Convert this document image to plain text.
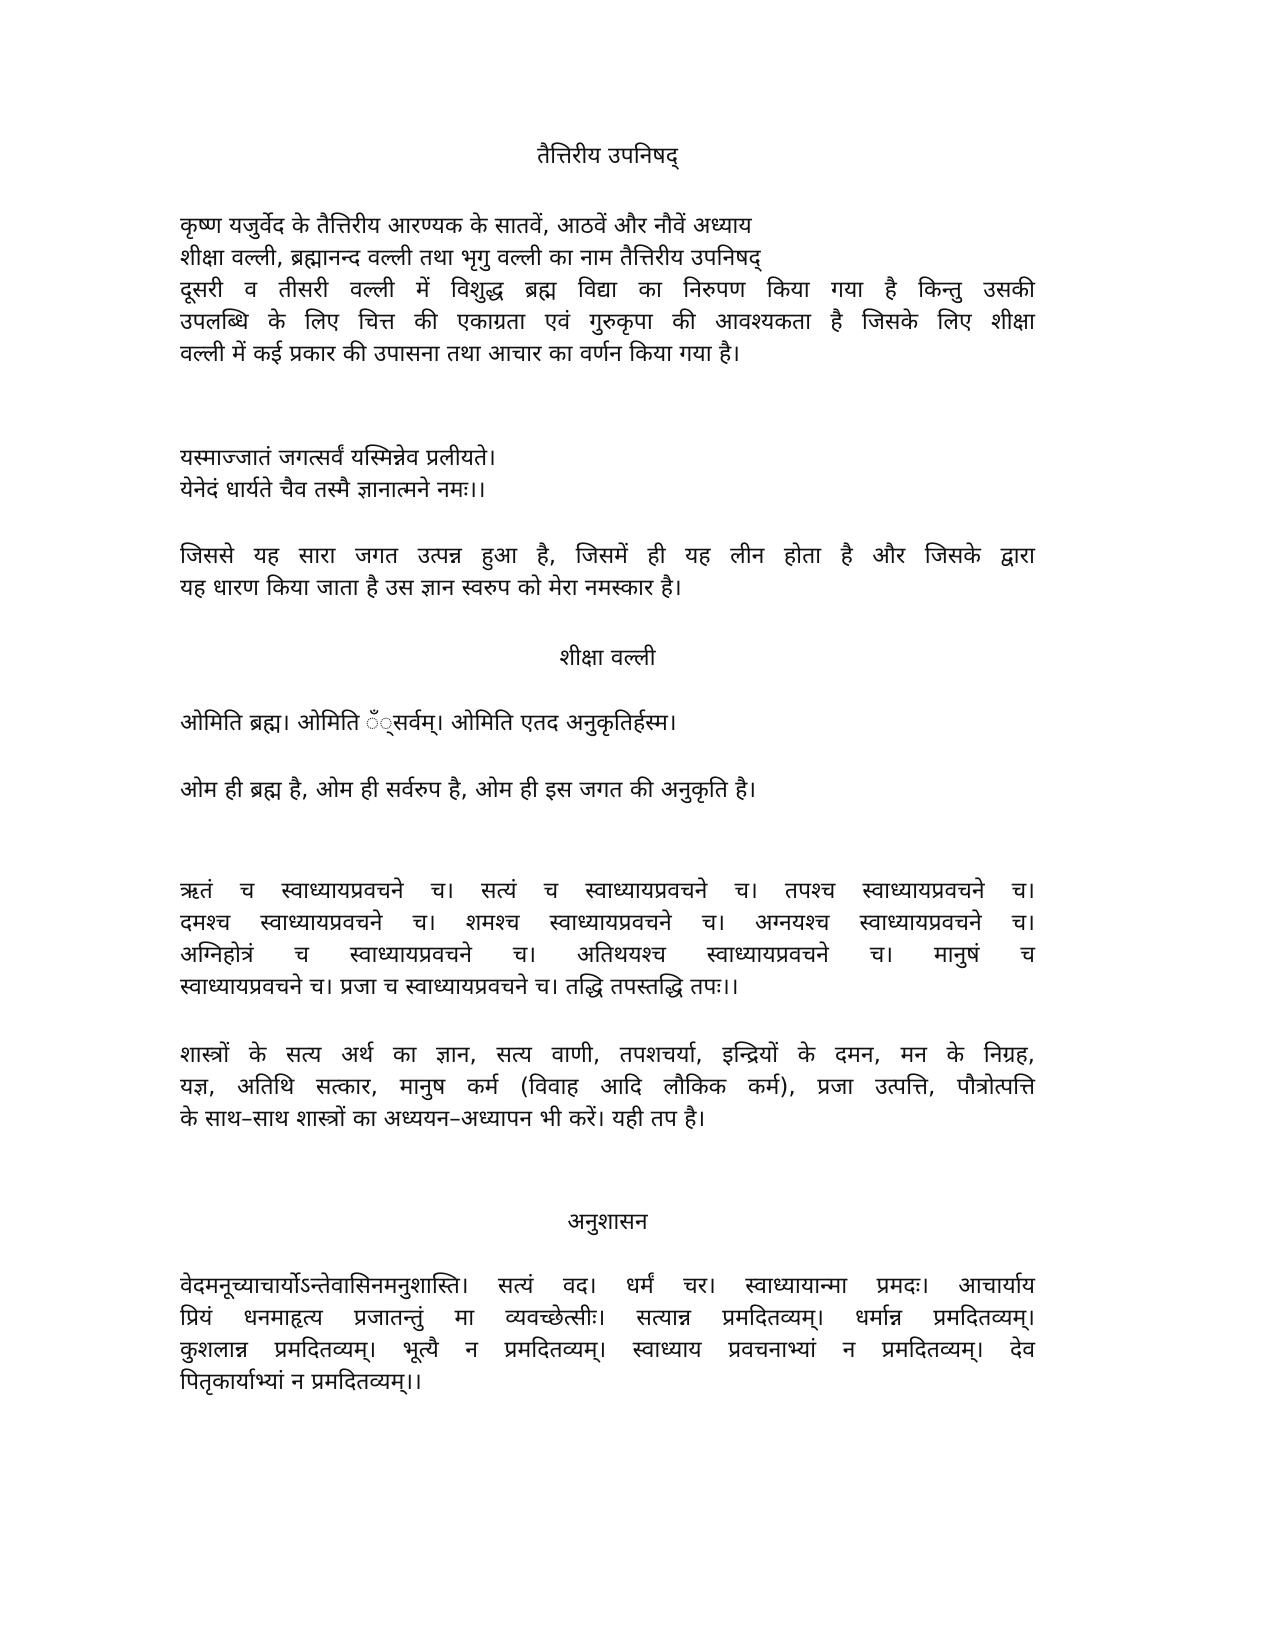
तैत्तिरीय उपनिषद्

कृष्ण यजुर्वेद के तैत्तिरीय आरण्यक के सातवें, आठवें और नौवें अध्याय
शीक्षा वल्ली, ब्रह्मानन्द वल्ली तथा भृगु वल्ली का नाम तैत्तिरीय उपनिषद्
दूसरी व तीसरी वल्ली में विशुद्ध ब्रह्म विद्या का निरुपण किया गया है किन्तु उसकी
उपलब्धि के लिए चित्त की एकाग्रता एवं गुरुकृपा की आवश्यकता है जिसके लिए शीक्षा
वल्ली में कई प्रकार की उपासना तथा आचार का वर्णन किया गया है।
यस्माज्जातं जगत्सर्वं यस्मिन्नेव प्रलीयते।
येनेदं धार्यते चैव तस्मै ज्ञानात्मने नमः।।
जिससे यह सारा जगत उत्पन्न हुआ है, जिसमें ही यह लीन होता है और जिसके द्वारा
यह धारण किया जाता है उस ज्ञान स्वरुप को मेरा नमस्कार है।

शीक्षा वल्ली

ओमिति ब्रह्म। ओमिति ँ्सर्वम्। ओमिति एतद अनुकृतिर्हस्म।
ओम ही ब्रह्म है, ओम ही सर्वरुप है, ओम ही इस जगत की अनुकृति है।
ऋतं च स्वाध्यायप्रवचने च। सत्यं च स्वाध्यायप्रवचने च। तपश्च स्वाध्यायप्रवचने च।
दमश्च स्वाध्यायप्रवचने च। शमश्च स्वाध्यायप्रवचने च। अग्नयश्च स्वाध्यायप्रवचने च।
अग्निहोत्रं च स्वाध्यायप्रवचने च। अतिथयश्च स्वाध्यायप्रवचने च। मानुषं च
स्वाध्यायप्रवचने च। प्रजा च स्वाध्यायप्रवचने च। तद्धि तपस्तद्धि तपः।।
शास्त्रों के सत्य अर्थ का ज्ञान, सत्य वाणी, तपशचर्या, इन्द्रियों के दमन, मन के निग्रह,
यज्ञ, अतिथि सत्कार, मानुष कर्म (विवाह आदि लौकिक कर्म), प्रजा उत्पत्ति, पौत्रोत्पत्ति
के साथ–साथ शास्त्रों का अध्ययन–अध्यापन भी करें। यही तप है।

अनुशासन

वेदमनूच्याचार्योऽन्तेवासिनमनुशास्ति। सत्यं वद। धर्मं चर। स्वाध्यायान्मा प्रमदः। आचार्याय
प्रियं धनमाहृत्य प्रजातन्तुं मा व्यवच्छेत्सीः। सत्यान्न प्रमदितव्यम्। धर्मान्न प्रमदितव्यम्।
कुशलान्न प्रमदितव्यम्। भूत्यै न प्रमदितव्यम्। स्वाध्याय प्रवचनाभ्यां न प्रमदितव्यम्। देव
पितृकार्याभ्यां न प्रमदितव्यम्।।
